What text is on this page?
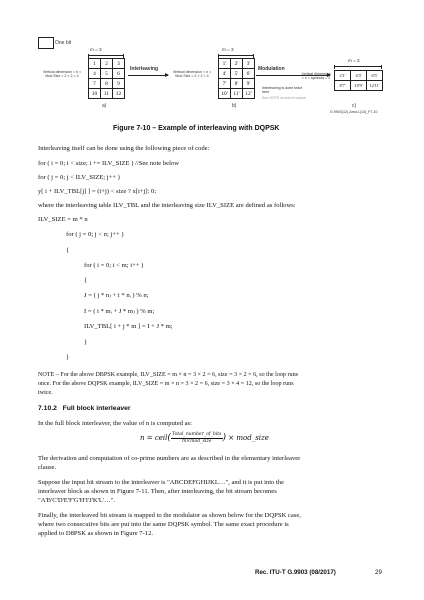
One bit
m = 3
Vertical dimension = n = Mod Size = 2 × 2 = 4
1	2	3
4	5	6
7	8	9
10	11	12
a)
Interleaving
m = 3
Vertical dimension = n = Mod Size = 2 × 2 = 4
1'	2'	3'
4'	5'	6'
7'	8'	9'
10'	11'	12'
b)
Modulation
Interleaving is done twice here
See NOTE at end of clause
m = 3
Vertical dimension = n = symbols = 2
2'1'	4'3'	6'5'
8'7'	10'9'	12'11'
c)
G.9903(12)-Amd.1(13)_F7-10
Figure 7-10 – Example of interleaving with DQPSK
Interleaving itself can be done using the following piece of code:
for ( i = 0; i < size; i += ILV_SIZE ) //See note below
for ( j = 0; j < ILV_SIZE; j++ )
y[ i + ILV_TBL[j] ] = (i+j) < size ? x[i+j]: 0;
where the interleaving table ILV_TBL and the interleaving size ILV_SIZE are defined as follows:
ILV_SIZE = m * n
for ( j = 0; j < n; j++ )
{
for ( i = 0; i < m; i++ )
{
J = ( j * nⱼ + i * nᵢ ) % n;
I = ( i * mᵢ + J * mⱼ ) % m;
ILV_TBL[ i + j * m ] = I + J * m;
}
}
NOTE – For the above DBPSK example, ILV_SIZE = m × n = 3 × 2 = 6, size = 3 × 2 = 6, so the loop runs
once. For the above DQPSK example, ILV_SIZE = m × n = 3 × 2 = 6, size = 3 × 4 = 12, so the loop runs
twice.
7.10.2 Full block interleaver
In the full block interleaver, the value of n is computed as:
n = ceil( $\frac{\text{Total\_number\_of\_bits}}{\text{m×mod\_size}}$ ) × mod_size
The derivation and computation of co-prime numbers are as described in the elementary interleaver
clause.
Suppose the input bit stream to the interleaver is "ABCDEFGHIJKL…", and it is put into the
interleaver block as shown in Figure 7-11. Then, after interleaving, the bit stream becomes
"A'B'C'D'E'F'G'H'I'J'K'L'…".
Finally, the interleaved bit stream is mapped to the modulator as shown below for the DQPSK case,
where two consecutive bits are put into the same DQPSK symbol. The same exact procedure is
applied to D8PSK as shown in Figure 7-12.
Rec. ITU-T G.9903 (08/2017)	29
